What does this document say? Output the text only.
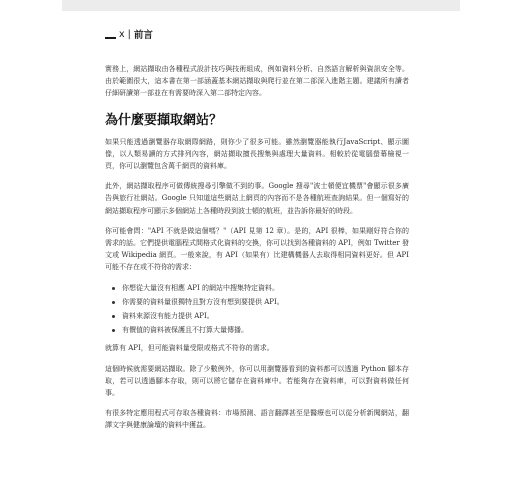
x | 前言

實務上，網站擷取由各種程式設計技巧與技術組成，例如資料分析、自然語言解析與資訊安全等。由於範圍很大，這本書在第一部涵蓋基本網站擷取與爬行並在第二部深入進階主題。建議所有讀者仔細研讀第一部並在有需要時深入第二部特定內容。

為什麼要擷取網站？

如果只能透過瀏覽器存取網際網路，則你少了很多可能。雖然瀏覽器能執行JavaScript、顯示圖像，以人類易讀的方式排列內容，網站擷取擅長搜集與處理大量資料。相較於從電腦螢幕檢視一頁，你可以瀏覽包含萬千網頁的資料庫。

此外，網站擷取程序可做傳統搜尋引擎做不到的事。Google 搜尋"波士頓便宜機票"會顯示很多廣告與旅行社網站。Google 只知道這些網站上網頁的內容而不是各種航班查詢結果。但一個寫好的網站擷取程序可顯示多個網站上各種時段到波士頓的航班，並告訴你最好的時段。

你可能會問："API 不就是做這個嗎？"（API 見第 12 章）。是的，API 很棒，如果剛好符合你的需求的話。它們提供電腦程式間格式化資料的交換，你可以找到各種資料的 API，例如 Twitter 發文或 Wikipedia 網頁。一般來說，有 API（如果有）比建構機器人去取得相同資料更好。但 API 可能不存在或不符你的需求：

你想從大量沒有相應 API 的網站中搜集特定資料。
你需要的資料量很獨特且對方沒有想到要提供 API。
資料來源沒有能力提供 API。
有價值的資料被保護且不打算大量傳播。

就算有 API，但可能資料量受限或格式不符你的需求。

這個時候就需要網站擷取。除了少數例外，你可以用瀏覽器看到的資料都可以透過 Python 腳本存取，若可以透過腳本存取，則可以將它儲存在資料庫中。若能夠存在資料庫，可以對資料做任何事。

有很多特定應用程式可存取各種資料：市場預測、語言翻譯甚至是醫療也可以從分析新聞網站，翻譯文字與健康論壇的資料中獲益。
